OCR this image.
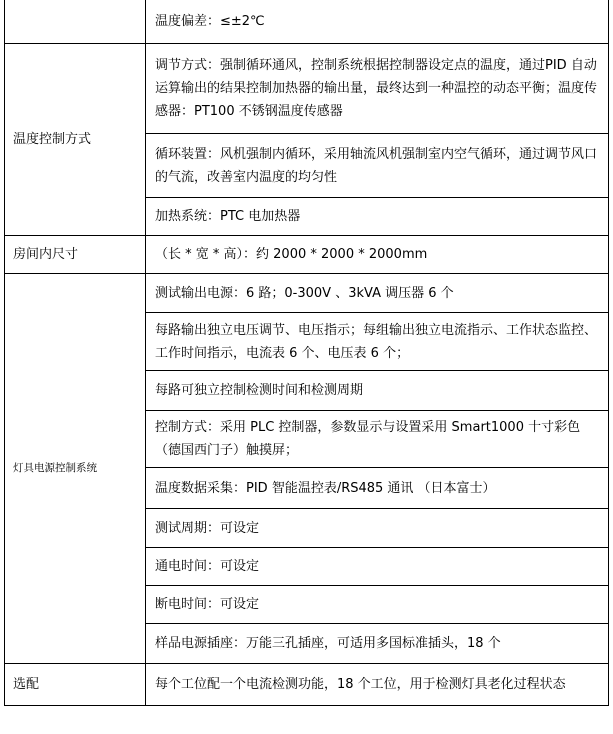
	温度偏差：≤±2℃
温度控制方式	调节方式：强制循环通风，控制系统根据控制器设定点的温度，通过PID 自动运算输出的结果控制加热器的输出量，最终达到一种温控的动态平衡；温度传感器：PT100 不锈钢温度传感器
	循环装置：风机强制内循环，采用轴流风机强制室内空气循环，通过调节风口的气流，改善室内温度的均匀性
	加热系统：PTC 电加热器
房间内尺寸	（长 * 宽 * 高）：约 2000 * 2000 * 2000mm
灯具电源控制系统	测试输出电源：6 路；0-300V 、3kVA 调压器 6 个
	每路输出独立电压调节、电压指示；每组输出独立电流指示、工作状态监控、工作时间指示，电流表 6 个、电压表 6 个；
	每路可独立控制检测时间和检测周期
	控制方式：采用 PLC 控制器，参数显示与设置采用 Smart1000 十寸彩色（德国西门子）触摸屏；
	温度数据采集：PID 智能温控表/RS485 通讯 （日本富士）
	测试周期：可设定
	通电时间：可设定
	断电时间：可设定
	样品电源插座：万能三孔插座，可适用多国标准插头，18 个
选配	每个工位配一个电流检测功能，18 个工位，用于检测灯具老化过程状态
